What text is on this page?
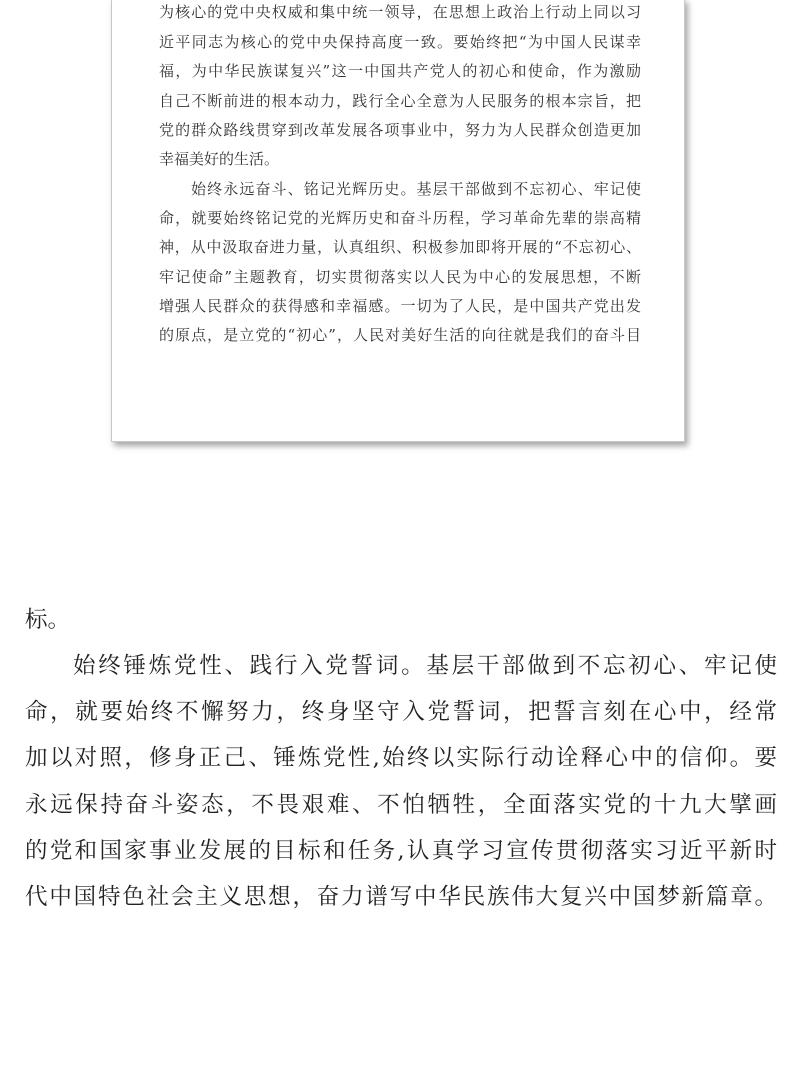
为核心的党中央权威和集中统一领导，在思想上政治上行动上同以习
近平同志为核心的党中央保持高度一致。要始终把“为中国人民谋幸
福，为中华民族谋复兴”这一中国共产党人的初心和使命，作为激励
自己不断前进的根本动力，践行全心全意为人民服务的根本宗旨，把
党的群众路线贯穿到改革发展各项事业中，努力为人民群众创造更加
幸福美好的生活。
始终永远奋斗、铭记光辉历史。基层干部做到不忘初心、牢记使
命，就要始终铭记党的光辉历史和奋斗历程，学习革命先辈的崇高精
神，从中汲取奋进力量，认真组织、积极参加即将开展的“不忘初心、
牢记使命”主题教育，切实贯彻落实以人民为中心的发展思想，不断
增强人民群众的获得感和幸福感。一切为了人民，是中国共产党出发
的原点，是立党的“初心”，人民对美好生活的向往就是我们的奋斗目
标。
始终锤炼党性、践行入党誓词。基层干部做到不忘初心、牢记使
命，就要始终不懈努力，终身坚守入党誓词，把誓言刻在心中，经常
加以对照，修身正己、锤炼党性,始终以实际行动诠释心中的信仰。要
永远保持奋斗姿态，不畏艰难、不怕牺牲，全面落实党的十九大擘画
的党和国家事业发展的目标和任务,认真学习宣传贯彻落实习近平新时
代中国特色社会主义思想，奋力谱写中华民族伟大复兴中国梦新篇章。
